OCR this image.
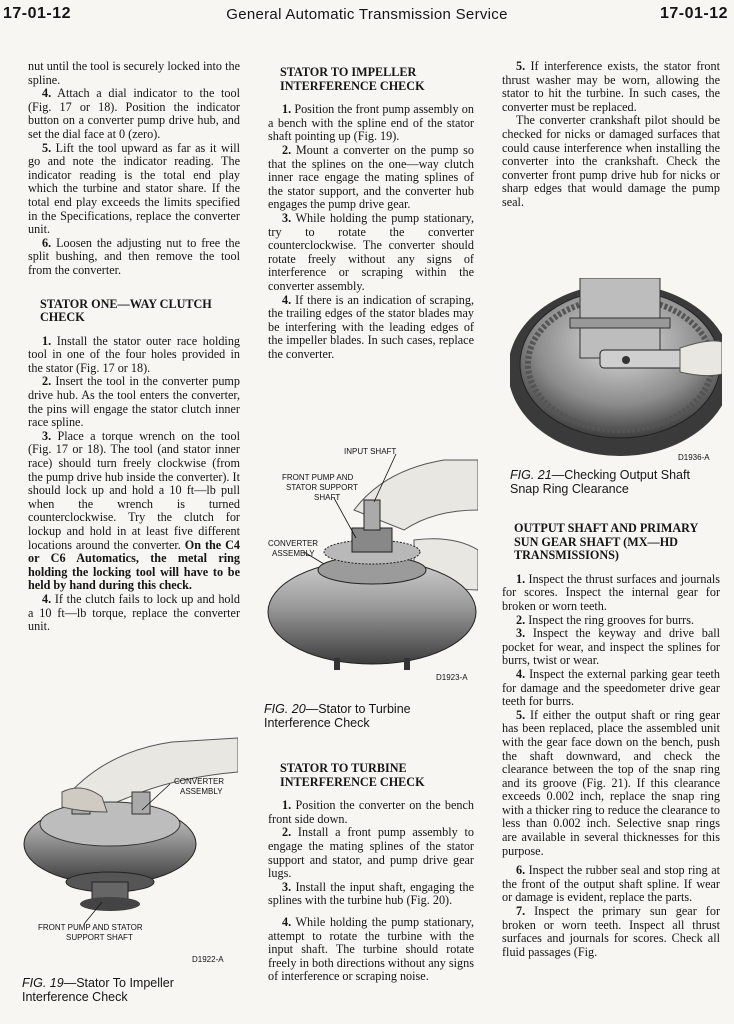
17-01-12	General Automatic Transmission Service	17-01-12

nut until the tool is securely locked into the spline.

4. Attach a dial indicator to the tool (Fig. 17 or 18). Position the indicator button on a converter pump drive hub, and set the dial face at 0 (zero).

5. Lift the tool upward as far as it will go and note the indicator reading. The indicator reading is the total end play which the turbine and stator share. If the total end play exceeds the limits specified in the Specifications, replace the converter unit.

6. Loosen the adjusting nut to free the split bushing, and then remove the tool from the converter.

STATOR ONE—WAY CLUTCH CHECK

1. Install the stator outer race holding tool in one of the four holes provided in the stator (Fig. 17 or 18).

2. Insert the tool in the converter pump drive hub. As the tool enters the converter, the pins will engage the stator clutch inner race spline.

3. Place a torque wrench on the tool (Fig. 17 or 18). The tool (and stator inner race) should turn freely clockwise (from the pump drive hub inside the converter). It should lock up and hold a 10 ft—lb pull when the wrench is turned counterclockwise. Try the clutch for lockup and hold in at least five different locations around the converter. On the C4 or C6 Automatics, the metal ring holding the locking tool will have to be held by hand during this check.

4. If the clutch fails to lock up and hold a 10 ft—lb torque, replace the converter unit.

CONVERTER
ASSEMBLY
FRONT PUMP AND STATOR
SUPPORT SHAFT
D1922-A

FIG. 19—Stator To Impeller Interference Check

STATOR TO IMPELLER INTERFERENCE CHECK

1. Position the front pump assembly on a bench with the spline end of the stator shaft pointing up (Fig. 19).

2. Mount a converter on the pump so that the splines on the one—way clutch inner race engage the mating splines of the stator support, and the converter hub engages the pump drive gear.

3. While holding the pump stationary, try to rotate the converter counterclockwise. The converter should rotate freely without any signs of interference or scraping within the converter assembly.

4. If there is an indication of scraping, the trailing edges of the stator blades may be interfering with the leading edges of the impeller blades. In such cases, replace the converter.

INPUT SHAFT
FRONT PUMP AND
STATOR SUPPORT
SHAFT
CONVERTER
ASSEMBLY
D1923-A

FIG. 20—Stator to Turbine Interference Check

STATOR TO TURBINE INTERFERENCE CHECK

1. Position the converter on the bench front side down.

2. Install a front pump assembly to engage the mating splines of the stator support and stator, and pump drive gear lugs.

3. Install the input shaft, engaging the splines with the turbine hub (Fig. 20).

4. While holding the pump stationary, attempt to rotate the turbine with the input shaft. The turbine should rotate freely in both directions without any signs of interference or scraping noise.

5. If interference exists, the stator front thrust washer may be worn, allowing the stator to hit the turbine. In such cases, the converter must be replaced.

The converter crankshaft pilot should be checked for nicks or damaged surfaces that could cause interference when installing the converter into the crankshaft. Check the converter front pump drive hub for nicks or sharp edges that would damage the pump seal.

D1936-A

FIG. 21—Checking Output Shaft Snap Ring Clearance

OUTPUT SHAFT AND PRIMARY SUN GEAR SHAFT (MX—HD TRANSMISSIONS)

1. Inspect the thrust surfaces and journals for scores. Inspect the internal gear for broken or worn teeth.

2. Inspect the ring grooves for burrs.

3. Inspect the keyway and drive ball pocket for wear, and inspect the splines for burrs, twist or wear.

4. Inspect the external parking gear teeth for damage and the speedometer drive gear teeth for burrs.

5. If either the output shaft or ring gear has been replaced, place the assembled unit with the gear face down on the bench, push the shaft downward, and check the clearance between the top of the snap ring and its groove (Fig. 21). If this clearance exceeds 0.002 inch, replace the snap ring with a thicker ring to reduce the clearance to less than 0.002 inch. Selective snap rings are available in several thicknesses for this purpose.

6. Inspect the rubber seal and stop ring at the front of the output shaft spline. If wear or damage is evident, replace the parts.

7. Inspect the primary sun gear for broken or worn teeth. Inspect all thrust surfaces and journals for scores. Check all fluid passages (Fig.
